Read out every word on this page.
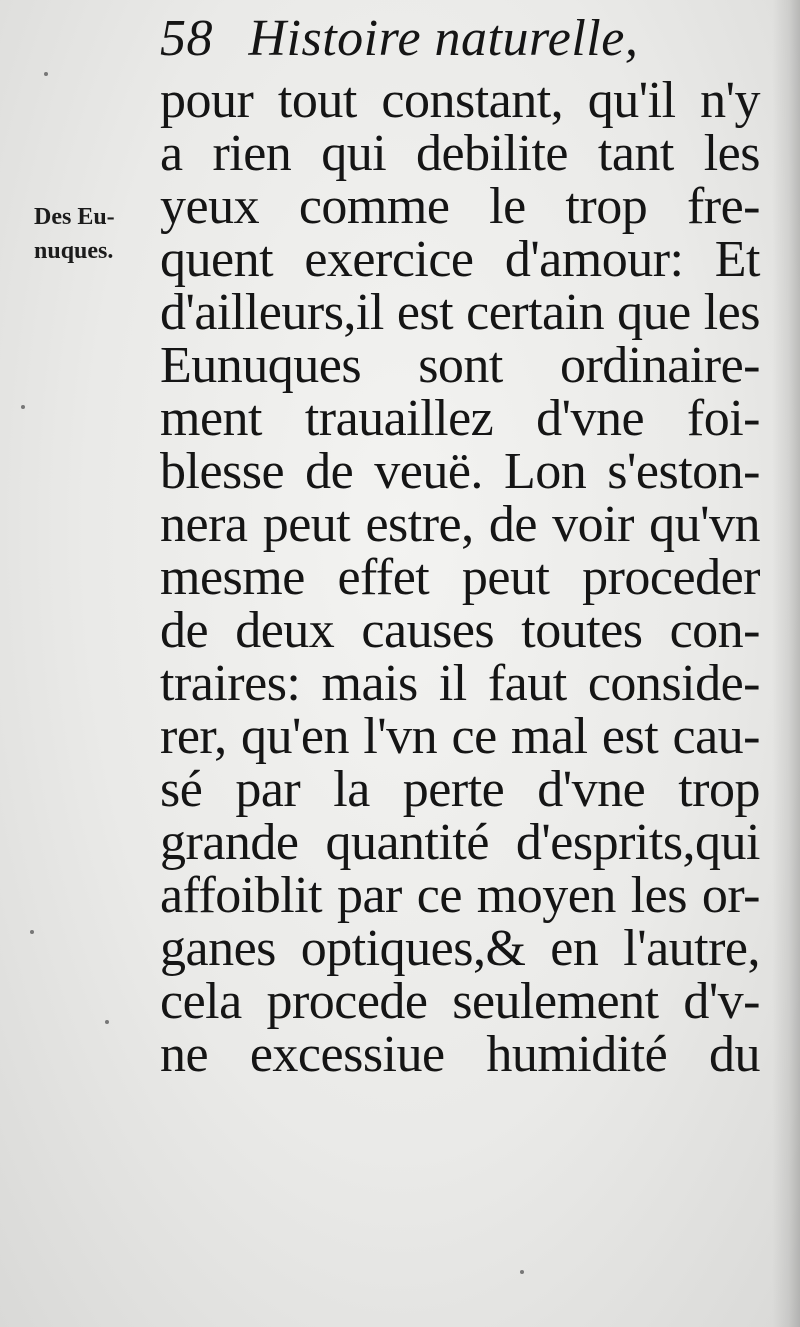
58 Histoire naturelle,
Des Eu-
nuques.
pour tout constant, qu'il n'y
a rien qui debilite tant les
yeux comme le trop fre-
quent exercice d'amour: Et
d'ailleurs,il est certain que les
Eunuques sont ordinaire-
ment trauaillez d'vne foi-
blesse de veuë. Lon s'eston-
nera peut estre, de voir qu'vn
mesme effet peut proceder
de deux causes toutes con-
traires: mais il faut conside-
rer, qu'en l'vn ce mal est cau-
sé par la perte d'vne trop
grande quantité d'esprits,qui
affoiblit par ce moyen les or-
ganes optiques,& en l'autre,
cela procede seulement d'v-
ne excessiue humidité du
